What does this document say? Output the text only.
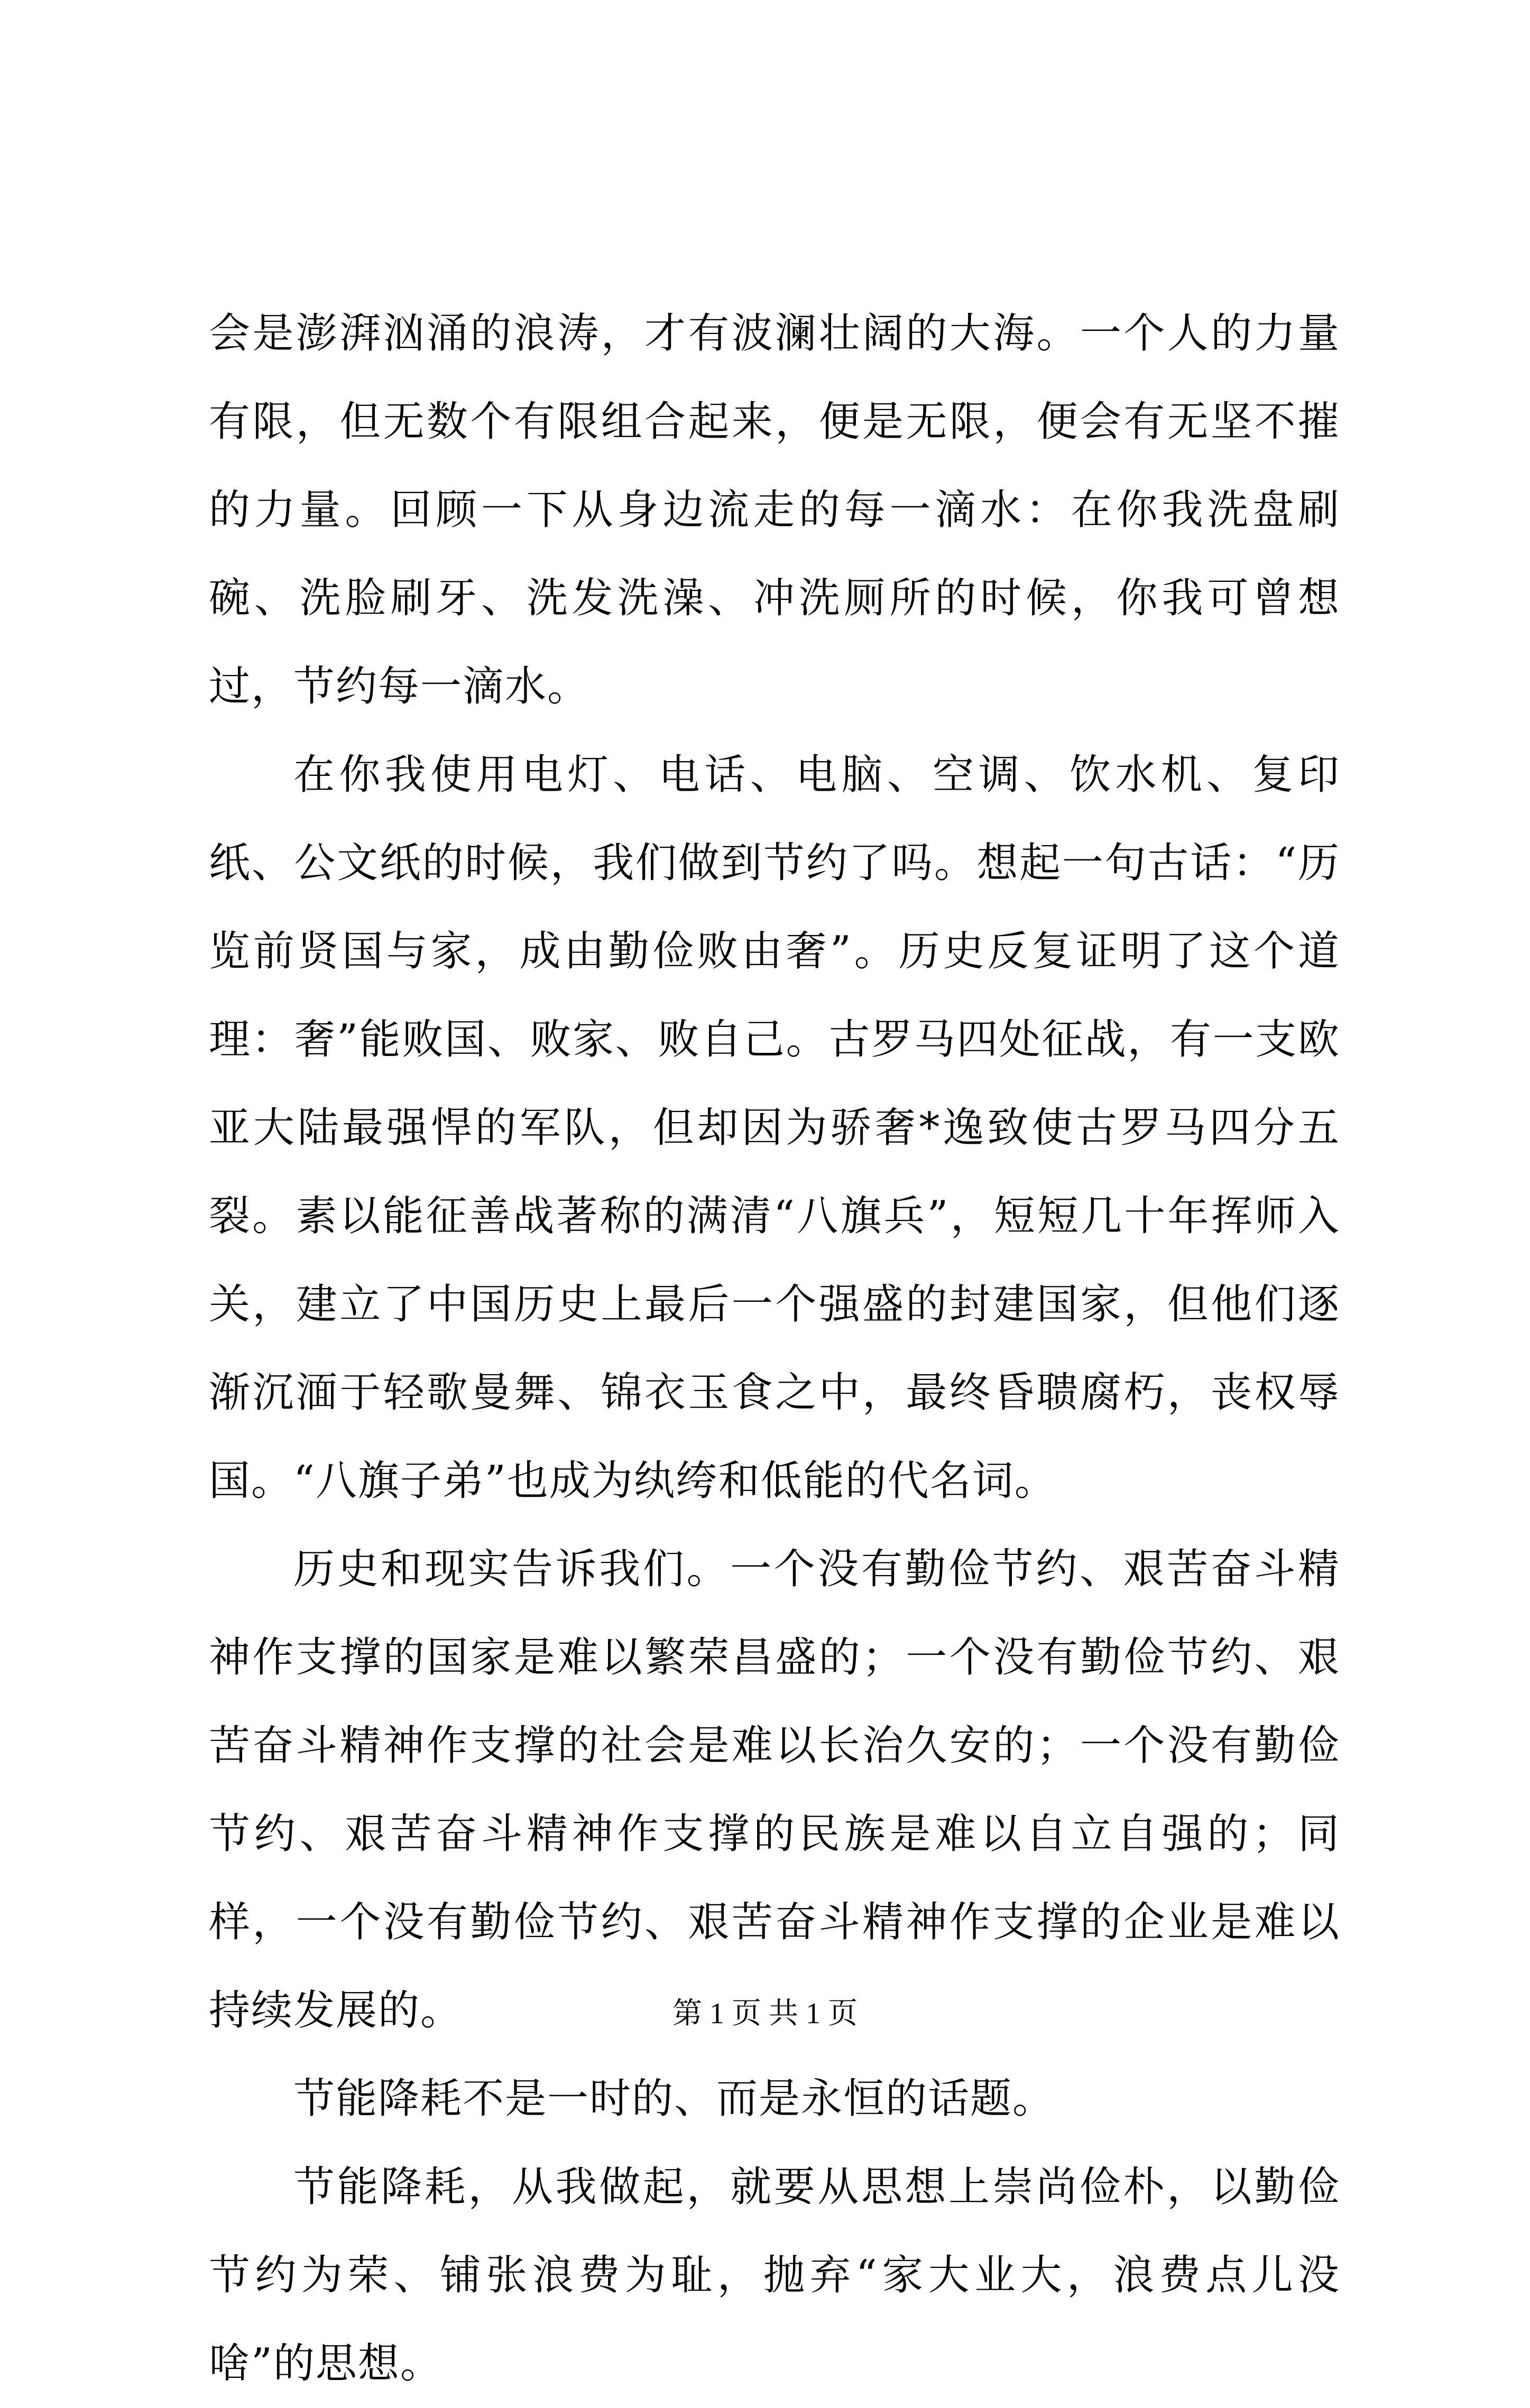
会是澎湃汹涌的浪涛，才有波澜壮阔的大海。一个人的力量有限，但无数个有限组合起来，便是无限，便会有无坚不摧的力量。回顾一下从身边流走的每一滴水：在你我洗盘刷碗、洗脸刷牙、洗发洗澡、冲洗厕所的时候，你我可曾想过，节约每一滴水。

在你我使用电灯、电话、电脑、空调、饮水机、复印纸、公文纸的时候，我们做到节约了吗。想起一句古话：“历览前贤国与家，成由勤俭败由奢”。历史反复证明了这个道理：奢”能败国、败家、败自己。古罗马四处征战，有一支欧亚大陆最强悍的军队，但却因为骄奢*逸致使古罗马四分五裂。素以能征善战著称的满清“八旗兵”，短短几十年挥师入关，建立了中国历史上最后一个强盛的封建国家，但他们逐渐沉湎于轻歌曼舞、锦衣玉食之中，最终昏聩腐朽，丧权辱国。“八旗子弟”也成为纨绔和低能的代名词。

历史和现实告诉我们。一个没有勤俭节约、艰苦奋斗精神作支撑的国家是难以繁荣昌盛的；一个没有勤俭节约、艰苦奋斗精神作支撑的社会是难以长治久安的；一个没有勤俭节约、艰苦奋斗精神作支撑的民族是难以自立自强的；同样，一个没有勤俭节约、艰苦奋斗精神作支撑的企业是难以持续发展的。

节能降耗不是一时的、而是永恒的话题。

节能降耗，从我做起，就要从思想上崇尚俭朴，以勤俭节约为荣、铺张浪费为耻，抛弃“家大业大，浪费点儿没啥”的思想。

第 1 页 共 1 页
